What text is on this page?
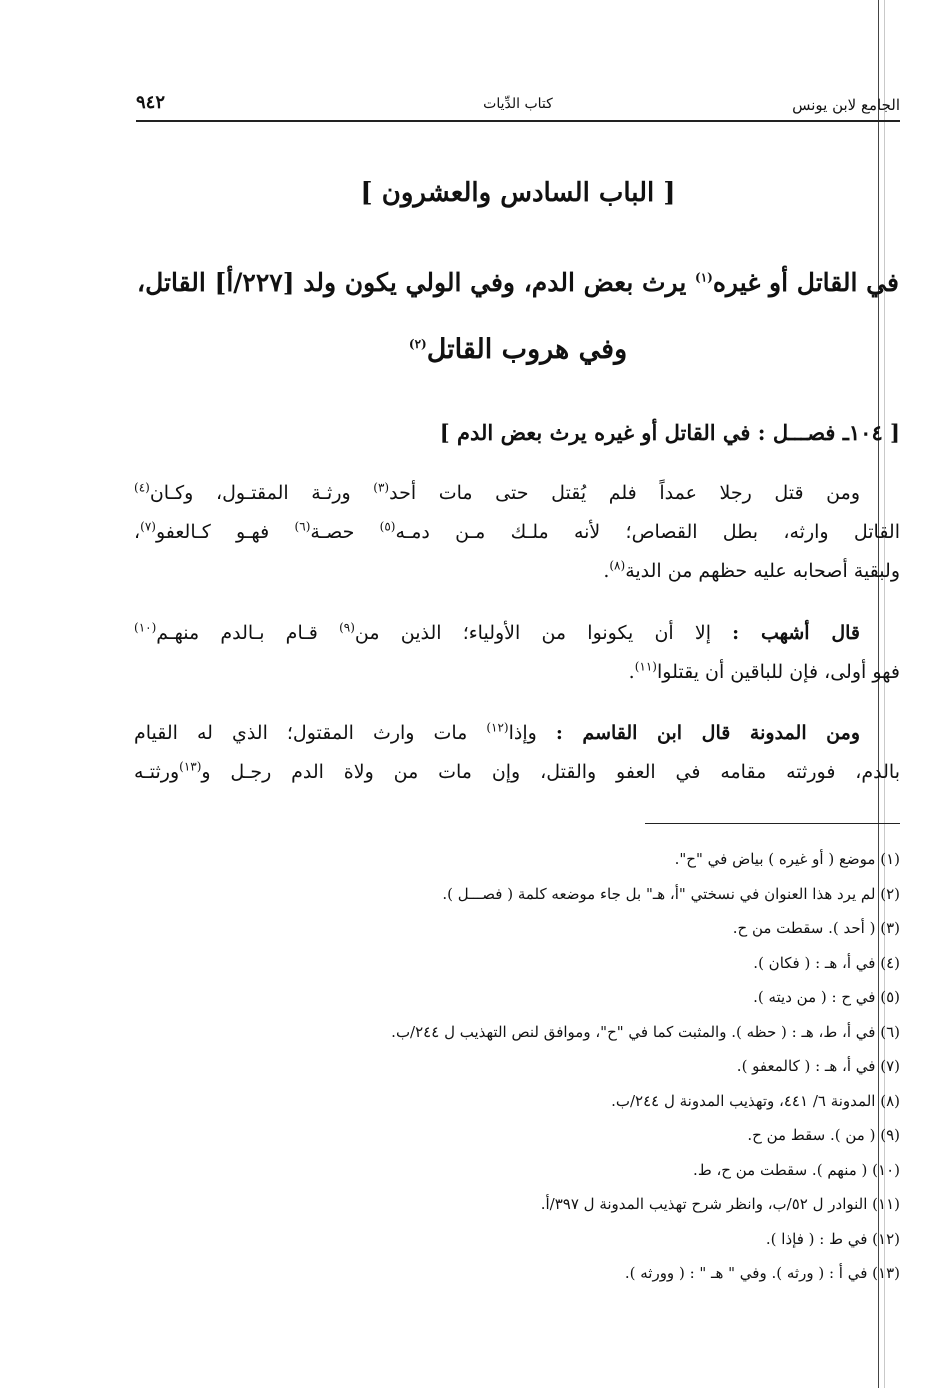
الجامع لابن يونس
كتاب الدِّيات
٩٤٢
[ الباب السادس والعشرون ]
في القاتل أو غيره$^{(١)}$ يرث بعض الدم، وفي الولي يكون ولد [٢٢٧/أ] القاتل،
وفي هروب القاتل$^{(٢)}$
[ ١٠٤ـ فصـــل : في القاتل أو غيره يرث بعض الدم ]
ومن قتل رجلا عمداً فلم يُقتل حتى مات أحد$^{(٣)}$ ورثـة المقتـول، وكـان$^{(٤)}$
القاتل وارثه، بطل القصاص؛ لأنه ملـك مـن دمـه$^{(٥)}$ حصـة$^{(٦)}$ فهـو كـالعفو$^{(٧)}$،
ولبقية أصحابه عليه حظهم من الدية$^{(٨)}$.
قال أشهب : إلا أن يكونوا من الأولياء؛ الذين من$^{(٩)}$ قـام بـالدم منهـم$^{(١٠)}$
فهو أولى، فإن للباقين أن يقتلوا$^{(١١)}$.
ومن المدونة قال ابن القاسم : وإذا$^{(١٢)}$ مات وارث المقتول؛ الذي له القيام
بالدم، فورثته مقامه في العفو والقتل، وإن مات من ولاة الدم رجـل و$^{(١٣)}$ورثتـه
(١) موضع ( أو غيره ) بياض في "ح".
(٢) لم يرد هذا العنوان في نسختي "أ، هـ" بل جاء موضعه كلمة ( فصـــل ).
(٣) ( أحد ). سقطت من ح.
(٤) في أ، هـ : ( فكان ).
(٥) في ح : ( من ديته ).
(٦) في أ، ط، هـ : ( حظه ). والمثبت كما في "ح"، وموافق لنص التهذيب ل ٢٤٤/ب.
(٧) في أ، هـ : ( كالمعفو ).
(٨) المدونة ٦/ ٤٤١، وتهذيب المدونة ل ٢٤٤/ب.
(٩) ( من ). سقط من ح.
(١٠) ( منهم ). سقطت من ح، ط.
(١١) النوادر ل ٥٢/ب، وانظر شرح تهذيب المدونة ل ٣٩٧/أ.
(١٢) في ط : ( فإذا ).
(١٣) في أ : ( ورثه ). وفي " هـ " : ( وورثه ).
